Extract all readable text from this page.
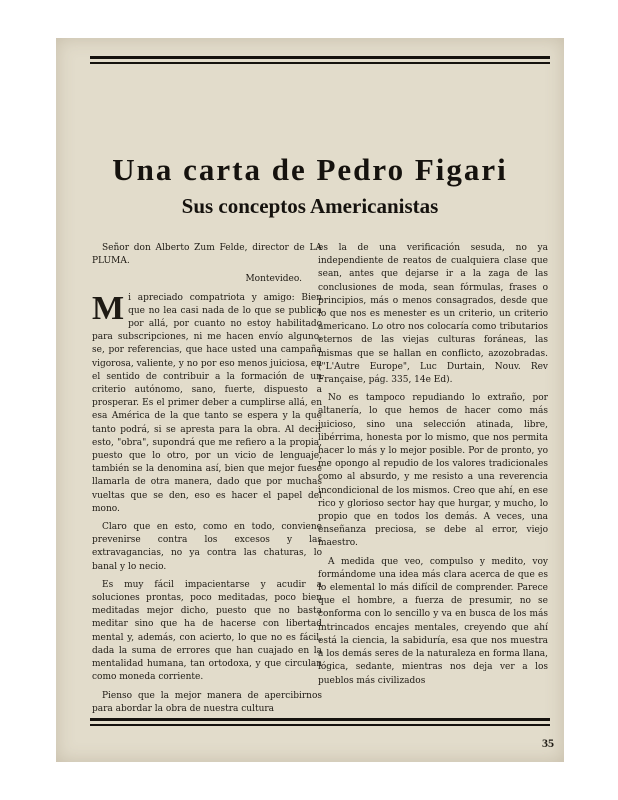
Una carta de Pedro Figari
Sus conceptos Americanistas

Señor don Alberto Zum Felde, director de LA PLUMA.

Montevideo.

Mi apreciado compatriota y amigo: Bien que no lea casi nada de lo que se publica por allá, por cuanto no estoy habilitado para subscripciones, ni me hacen envío alguno, se, por referencias, que hace usted una campaña vigorosa, valiente, y no por eso menos juiciosa, en el sentido de contribuir a la formación de un criterio autónomo, sano, fuerte, dispuesto a prosperar. Es el primer deber a cumplirse allá, en esa América de la que tanto se espera y la que tanto podrá, si se apresta para la obra. Al decir esto, "obra", supondrá que me refiero a la propia, puesto que lo otro, por un vicio de lenguaje, también se la denomina así, bien que mejor fuese llamarla de otra manera, dado que por muchas vueltas que se den, eso es hacer el papel del mono.

Claro que en esto, como en todo, conviene prevenirse contra los excesos y las extravagancias, no ya contra las chaturas, lo banal y lo necio.

Es muy fácil impacientarse y acudir a soluciones prontas, poco meditadas, poco bien meditadas mejor dicho, puesto que no basta meditar sino que ha de hacerse con libertad mental y, además, con acierto, lo que no es fácil, dada la suma de errores que han cuajado en la mentalidad humana, tan ortodoxa, y que circulan como moneda corriente.

Pienso que la mejor manera de apercibirnos para abordar la obra de nuestra cultura

es la de una verificación sesuda, no ya independiente de reatos de cualquiera clase que sean, antes que dejarse ir a la zaga de las conclusiones de moda, sean fórmulas, frases o principios, más o menos consagrados, desde que lo que nos es menester es un criterio, un criterio americano. Lo otro nos colocaría como tributarios eternos de las viejas culturas foráneas, las mismas que se hallan en conflicto, azozobradas. ("L'Autre Europe", Luc Durtain, Nouv. Rev Française, pág. 335, 14e Ed).

No es tampoco repudiando lo extraño, por altanería, lo que hemos de hacer como más juicioso, sino una selección atinada, libre, libérrima, honesta por lo mismo, que nos permita hacer lo más y lo mejor posible. Por de pronto, yo me opongo al repudio de los valores tradicionales como al absurdo, y me resisto a una reverencia incondicional de los mismos. Creo que ahí, en ese rico y glorioso sector hay que hurgar, y mucho, lo propio que en todos los demás. A veces, una enseñanza preciosa, se debe al error, viejo maestro.

A medida que veo, compulso y medito, voy formándome una idea más clara acerca de que es lo elemental lo más difícil de comprender. Parece que el hombre, a fuerza de presumir, no se conforma con lo sencillo y va en busca de los más intrincados encajes mentales, creyendo que ahí está la ciencia, la sabiduría, esa que nos muestra a los demás seres de la naturaleza en forma llana, lógica, sedante, mientras nos deja ver a los pueblos más civilizados

35
